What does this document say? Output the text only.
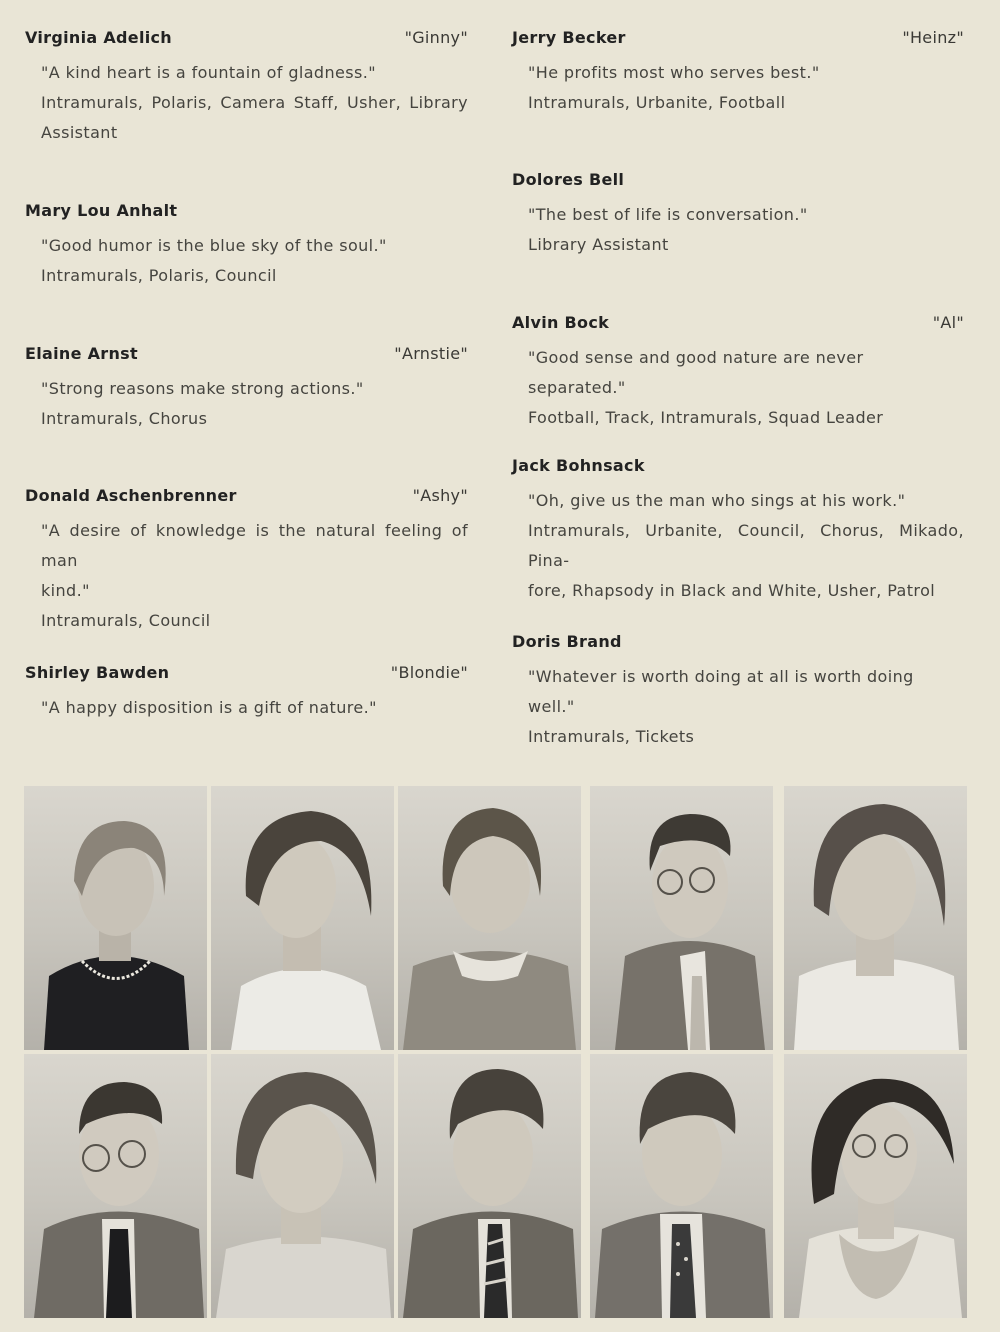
Virginia Adelich	"Ginny"
"A kind heart is a fountain of gladness."
Intramurals, Polaris, Camera Staff, Usher, Library
Assistant
Mary Lou Anhalt
"Good humor is the blue sky of the soul."
Intramurals, Polaris, Council
Elaine Arnst	"Arnstie"
"Strong reasons make strong actions."
Intramurals, Chorus
Donald Aschenbrenner	"Ashy"
"A desire of knowledge is the natural feeling of man
kind."
Intramurals, Council
Shirley Bawden	"Blondie"
"A happy disposition is a gift of nature."
Jerry Becker	"Heinz"
"He profits most who serves best."
Intramurals, Urbanite, Football
Dolores Bell
"The best of life is conversation."
Library Assistant
Alvin Bock	"Al"
"Good sense and good nature are never separated."
Football, Track, Intramurals, Squad Leader
Jack Bohnsack
"Oh, give us the man who sings at his work."
Intramurals, Urbanite, Council, Chorus, Mikado, Pina-
fore, Rhapsody in Black and White, Usher, Patrol
Doris Brand
"Whatever is worth doing at all is worth doing well."
Intramurals, Tickets
